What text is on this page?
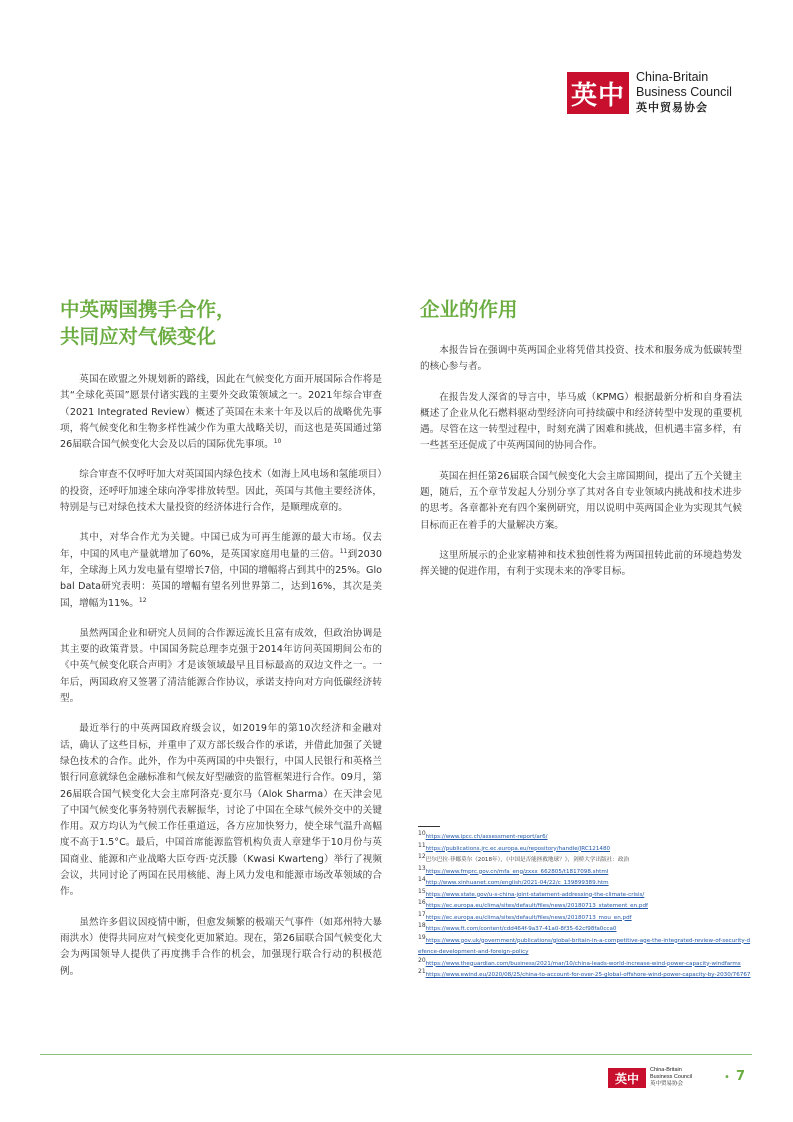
英中
China-Britain
Business Council
英中贸易协会
中英两国携手合作，
共同应对气候变化

英国在欧盟之外规划新的路线，因此在气候变化方面开展国际合作将是其“全球化英国”愿景付诸实践的主要外交政策领域之一。2021年综合审查（2021 Integrated Review）概述了英国在未来十年及以后的战略优先事项，将气候变化和生物多样性减少作为重大战略关切，而这也是英国通过第26届联合国气候变化大会及以后的国际优先事项。$^{10}$

综合审查不仅呼吁加大对英国国内绿色技术（如海上风电场和氢能项目）的投资，还呼吁加速全球向净零排放转型。因此，英国与其他主要经济体，特别是与已对绿色技术大量投资的经济体进行合作，是顺理成章的。

其中，对华合作尤为关键。中国已成为可再生能源的最大市场。仅去年，中国的风电产量就增加了60%，是英国家庭用电量的三倍。$^{11}$到2030年，全球海上风力发电量有望增长7倍，中国的增幅将占到其中的25%。Global Data研究表明：英国的增幅有望名列世界第二，达到16%，其次是美国，增幅为11%。$^{12}$

虽然两国企业和研究人员间的合作源远流长且富有成效，但政治协调是其主要的政策背景。中国国务院总理李克强于2014年访问英国期间公布的《中英气候变化联合声明》才是该领域最早且目标最高的双边文件之一。一年后，两国政府又签署了清洁能源合作协议，承诺支持向对方向低碳经济转型。

最近举行的中英两国政府级会议，如2019年的第10次经济和金融对话，确认了这些目标，并重申了双方部长级合作的承诺，并借此加强了关键绿色技术的合作。此外，作为中英两国的中央银行，中国人民银行和英格兰银行同意就绿色金融标准和气候友好型融资的监管框架进行合作。09月，第26届联合国气候变化大会主席阿洛克·夏尔马（Alok Sharma）在天津会见了中国气候变化事务特别代表解振华，讨论了中国在全球气候外交中的关键作用。双方均认为气候工作任重道远，各方应加快努力，使全球气温升高幅度不高于1.5°C。最后，中国首席能源监管机构负责人章建华于10月份与英国商业、能源和产业战略大臣夸西·克沃滕（Kwasi Kwarteng）举行了视频会议，共同讨论了两国在民用核能、海上风力发电和能源市场改革领域的合作。

虽然许多倡议因疫情中断，但愈发频繁的极端天气事件（如郑州特大暴雨洪水）使得共同应对气候变化更加紧迫。现在，第26届联合国气候变化大会为两国领导人提供了再度携手合作的机会，加强现行联合行动的积极范例。

企业的作用

本报告旨在强调中英两国企业将凭借其投资、技术和服务成为低碳转型的核心参与者。

在报告发人深省的导言中，毕马威（KPMG）根据最新分析和自身看法概述了企业从化石燃料驱动型经济向可持续碳中和经济转型中发现的重要机遇。尽管在这一转型过程中，时刻充满了困难和挑战，但机遇丰富多样，有一些甚至还促成了中英两国间的协同合作。

英国在担任第26届联合国气候变化大会主席国期间，提出了五个关键主题，随后，五个章节发起人分别分享了其对各自专业领域内挑战和技术进步的思考。各章都补充有四个案例研究，用以说明中英两国企业为实现其气候目标而正在着手的大量解决方案。

这里所展示的企业家精神和技术独创性将为两国扭转此前的环境趋势发挥关键的促进作用，有利于实现未来的净零目标。

$^{10}$https://www.ipcc.ch/assessment-report/ar6/
$^{11}$https://publications.jrc.ec.europa.eu/repository/handle/JRC121480
$^{12}$巴尔巴拉·菲娜莫尔（2018年），《中国是否能拯救地球？》，剑桥大学出版社：政治
$^{13}$https://www.fmprc.gov.cn/mfa_eng/zxxx_662805/t1817098.shtml
$^{14}$http://www.xinhuanet.com/english/2021-04/22/c_139899389.htm
$^{15}$https://www.state.gov/u-s-china-joint-statement-addressing-the-climate-crisis/
$^{16}$https://ec.europa.eu/clima/sites/default/files/news/20180713_statement_en.pdf
$^{17}$https://ec.europa.eu/clima/sites/default/files/news/20180713_mou_en.pdf
$^{18}$https://www.ft.com/content/cdd464f-9a37-41a0-8f35-62cf98fa0cca0
$^{19}$https://www.gov.uk/government/publications/global-britain-in-a-competitive-age-the-integrated-review-of-security-defence-development-and-foreign-policy
$^{20}$https://www.theguardian.com/business/2021/mar/10/china-leads-world-increase-wind-power-capacity-windfarms
$^{21}$https://www.ewind.eu/2020/08/25/china-to-account-for-over-25-global-offshore-wind-power-capacity-by-2030/76767
英中
China-Britain
Business Council
英中贸易协会
• 7
